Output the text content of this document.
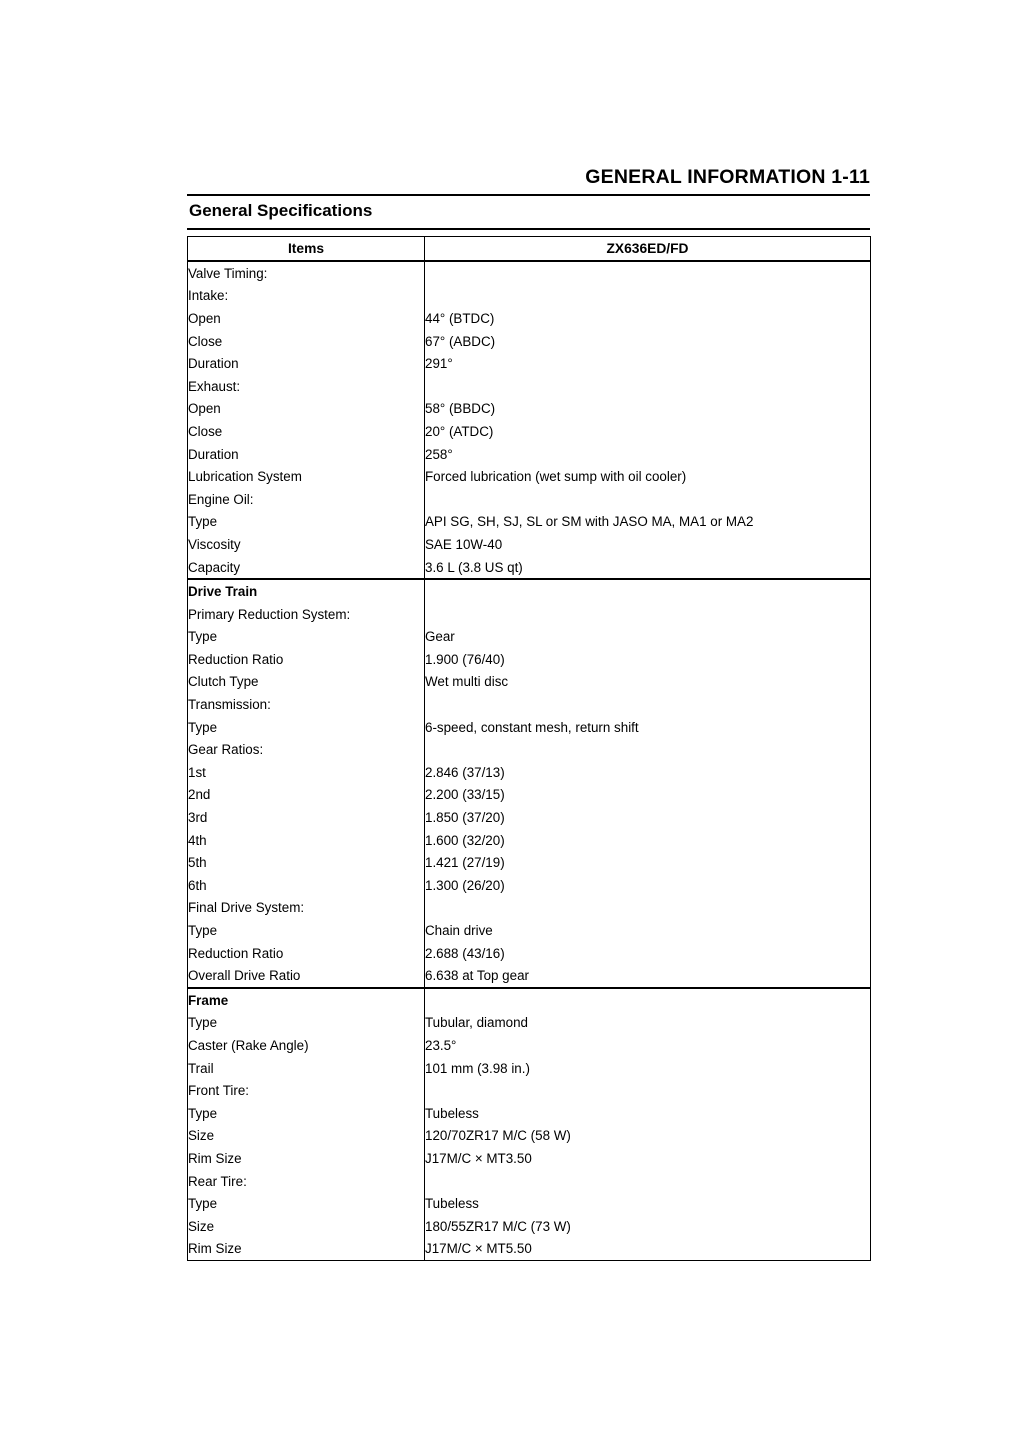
GENERAL INFORMATION 1-11
General Specifications
Items	ZX636ED/FD
Valve Timing:	
Intake:	
Open	44° (BTDC)
Close	67° (ABDC)
Duration	291°
Exhaust:	
Open	58° (BBDC)
Close	20° (ATDC)
Duration	258°
Lubrication System	Forced lubrication (wet sump with oil cooler)
Engine Oil:	
Type	API SG, SH, SJ, SL or SM with JASO MA, MA1 or MA2
Viscosity	SAE 10W-40
Capacity	3.6 L (3.8 US qt)
Drive Train	
Primary Reduction System:	
Type	Gear
Reduction Ratio	1.900 (76/40)
Clutch Type	Wet multi disc
Transmission:	
Type	6-speed, constant mesh, return shift
Gear Ratios:	
1st	2.846 (37/13)
2nd	2.200 (33/15)
3rd	1.850 (37/20)
4th	1.600 (32/20)
5th	1.421 (27/19)
6th	1.300 (26/20)
Final Drive System:	
Type	Chain drive
Reduction Ratio	2.688 (43/16)
Overall Drive Ratio	6.638 at Top gear
Frame	
Type	Tubular, diamond
Caster (Rake Angle)	23.5°
Trail	101 mm (3.98 in.)
Front Tire:	
Type	Tubeless
Size	120/70ZR17 M/C (58 W)
Rim Size	J17M/C × MT3.50
Rear Tire:	
Type	Tubeless
Size	180/55ZR17 M/C (73 W)
Rim Size	J17M/C × MT5.50
